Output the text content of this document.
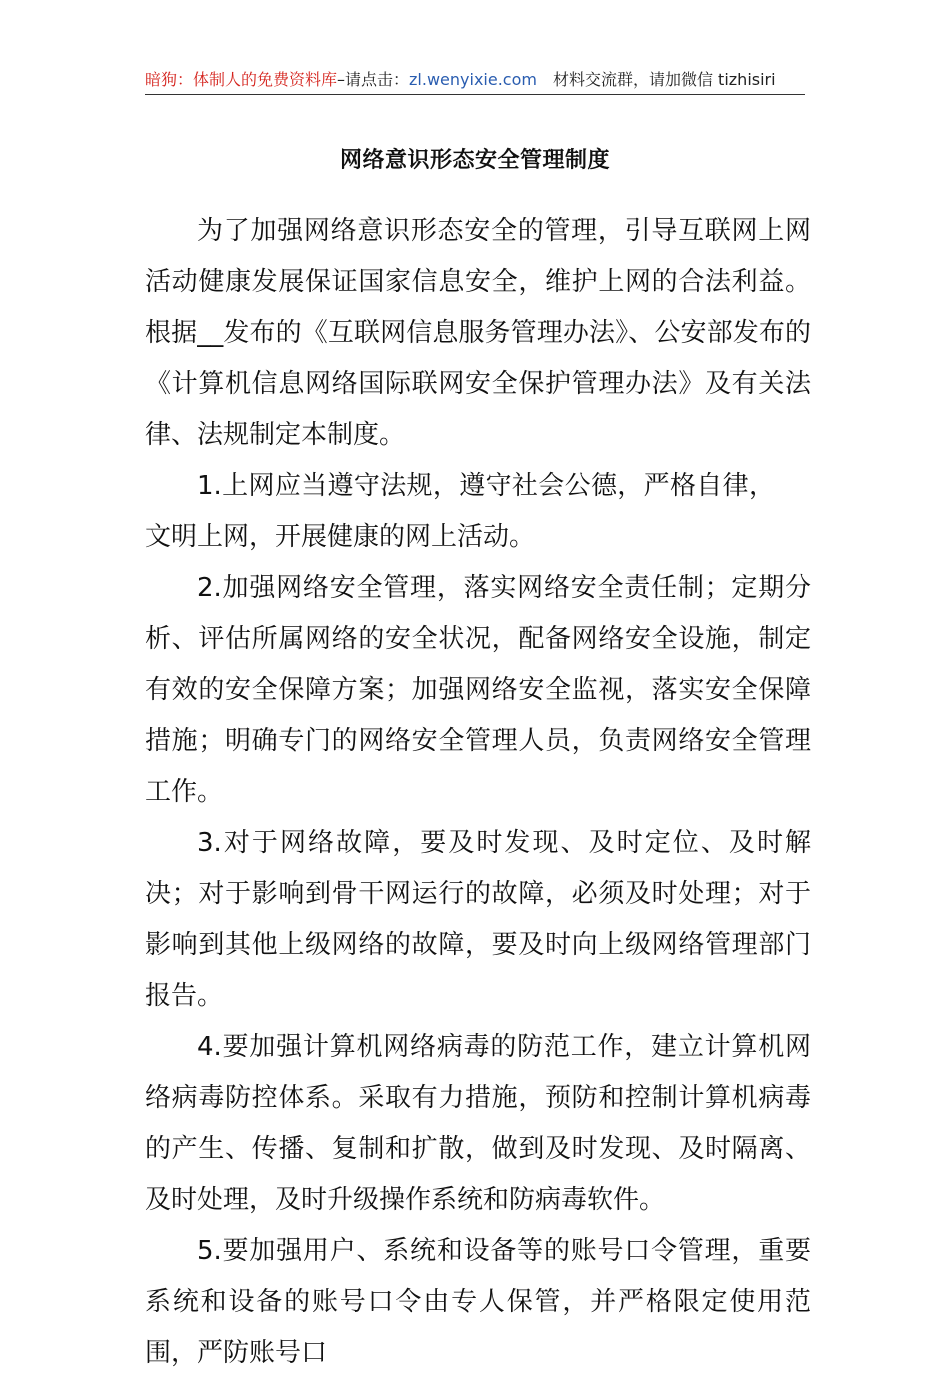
暗狗：体制人的免费资料库–请点击：zl.wenyixie.com 材料交流群，请加微信 tizhisiri
网络意识形态安全管理制度

为了加强网络意识形态安全的管理，引导互联网上网活动健康发展保证国家信息安全，维护上网的合法利益。根据__发布的《互联网信息服务管理办法》、公安部发布的《计算机信息网络国际联网安全保护管理办法》及有关法律、法规制定本制度。

1.上网应当遵守法规，遵守社会公德，严格自律，文明上网，开展健康的网上活动。

2.加强网络安全管理，落实网络安全责任制；定期分析、评估所属网络的安全状况，配备网络安全设施，制定有效的安全保障方案；加强网络安全监视，落实安全保障措施；明确专门的网络安全管理人员，负责网络安全管理工作。

3.对于网络故障，要及时发现、及时定位、及时解决；对于影响到骨干网运行的故障，必须及时处理；对于影响到其他上级网络的故障，要及时向上级网络管理部门报告。

4.要加强计算机网络病毒的防范工作，建立计算机网络病毒防控体系。采取有力措施，预防和控制计算机病毒的产生、传播、复制和扩散，做到及时发现、及时隔离、及时处理，及时升级操作系统和防病毒软件。

5.要加强用户、系统和设备等的账号口令管理，重要系统和设备的账号口令由专人保管，并严格限定使用范围，严防账号口
